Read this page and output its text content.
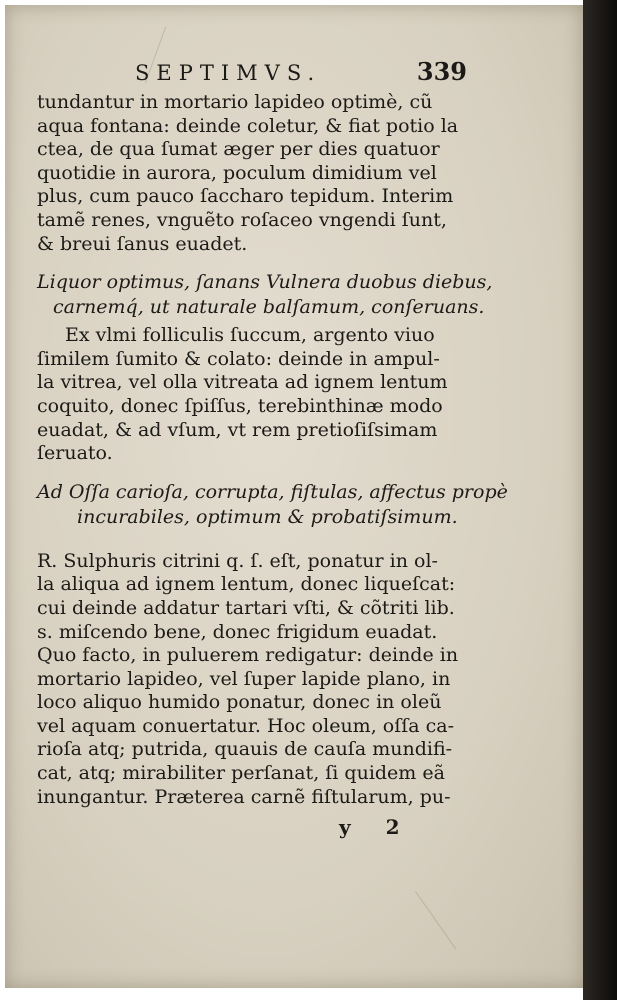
SEPTIMVS.	339
tundantur in mortario lapideo optimè, cũ
aqua fontana: deinde coletur, & fiat potio la
ctea, de qua ſumat æger per dies quatuor
quotidie in aurora, poculum dimidium vel
plus, cum pauco ſaccharo tepidum. Interim
tamẽ renes, vnguẽto roſaceo vngendi ſunt,
& breui ſanus euadet.
Liquor optimus, ſanans Vulnera duobus diebus,
carnemq́, ut naturale balſamum, conſeruans.
Ex vlmi folliculis ſuccum, argento viuo
ſimilem ſumito & colato: deinde in ampul-
la vitrea, vel olla vitreata ad ignem lentum
coquito, donec ſpiſſus, terebinthinæ modo
euadat, & ad vſum, vt rem pretioſiſsimam
ſeruato.
Ad Oſſa carioſa, corrupta, fiſtulas, affectus propè
incurabiles, optimum & probatiſsimum.
R. Sulphuris citrini q. ſ. eſt, ponatur in ol-
la aliqua ad ignem lentum, donec liqueſcat:
cui deinde addatur tartari vſti, & cõtriti lib.
s. miſcendo bene, donec frigidum euadat.
Quo facto, in puluerem redigatur: deinde in
mortario lapideo, vel ſuper lapide plano, in
loco aliquo humido ponatur, donec in oleũ
vel aquam conuertatur. Hoc oleum, oſſa ca-
rioſa atq; putrida, quauis de cauſa mundifi-
cat, atq; mirabiliter perſanat, ſi quidem eã
inungantur. Præterea carnẽ fiſtularum, pu-
y 2
